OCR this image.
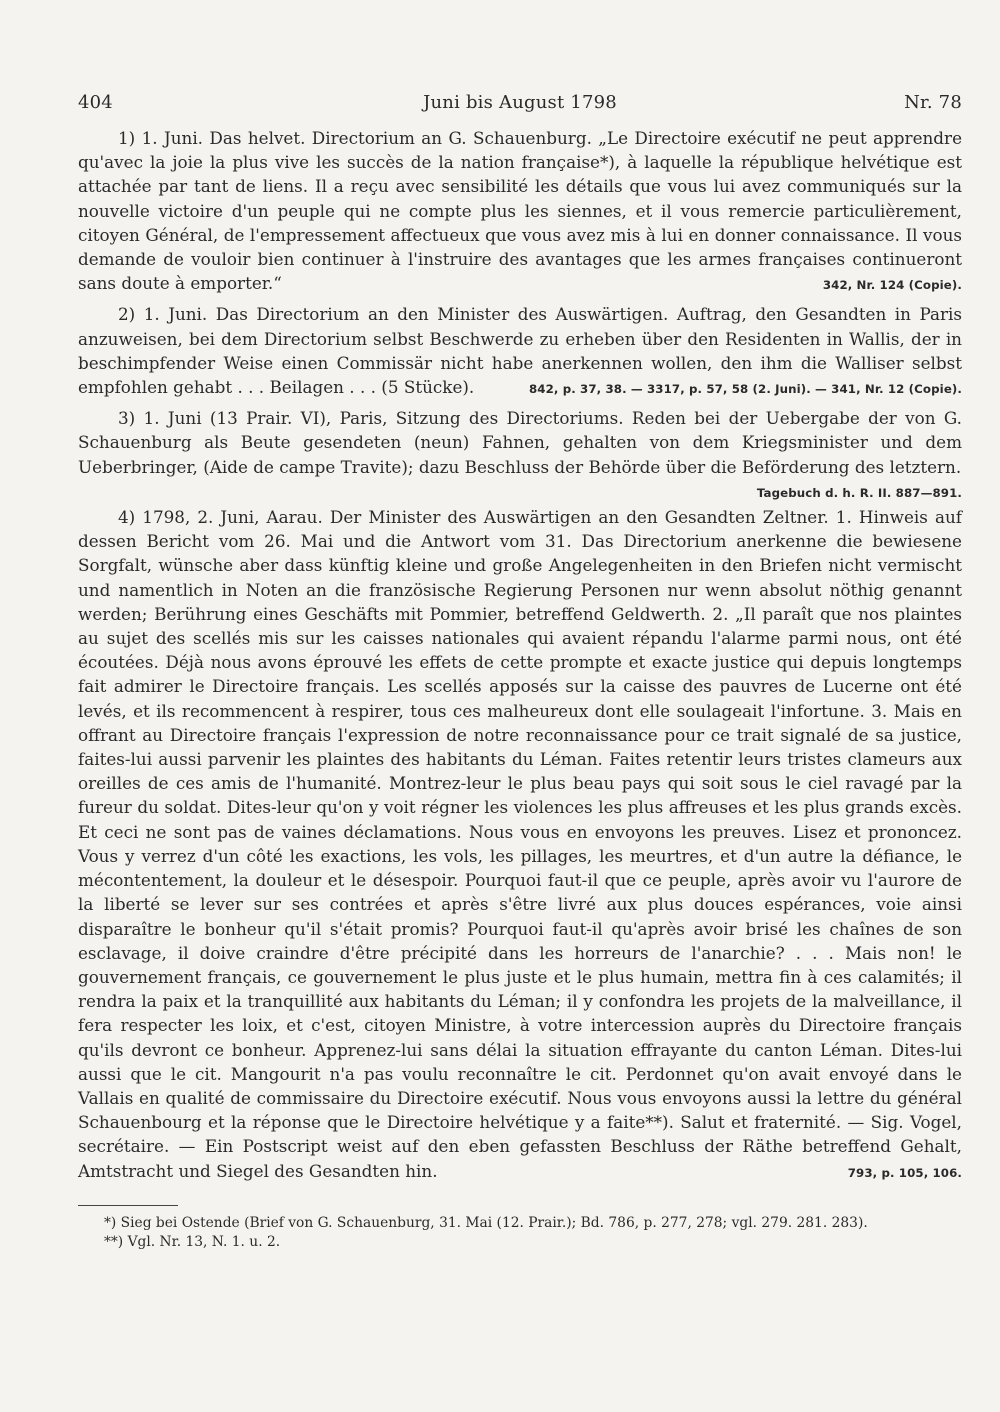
404	Juni bis August 1798	Nr. 78

1) 1. Juni. Das helvet. Directorium an G. Schauenburg. „Le Directoire exécutif ne peut apprendre qu'avec la joie la plus vive les succès de la nation française*), à laquelle la république helvétique est attachée par tant de liens. Il a reçu avec sensibilité les détails que vous lui avez communiqués sur la nouvelle victoire d'un peuple qui ne compte plus les siennes, et il vous remercie particulièrement, citoyen Général, de l'empressement affectueux que vous avez mis à lui en donner connaissance. Il vous demande de vouloir bien continuer à l'instruire des avantages que les armes françaises continueront sans doute à emporter.“	342, Nr. 124 (Copie).

2) 1. Juni. Das Directorium an den Minister des Auswärtigen. Auftrag, den Gesandten in Paris anzuweisen, bei dem Directorium selbst Beschwerde zu erheben über den Residenten in Wallis, der in beschimpfender Weise einen Commissär nicht habe anerkennen wollen, den ihm die Walliser selbst empfohlen gehabt . . . Beilagen . . . (5 Stücke).	842, p. 37, 38. — 3317, p. 57, 58 (2. Juni). — 341, Nr. 12 (Copie).

3) 1. Juni (13 Prair. VI), Paris, Sitzung des Directoriums. Reden bei der Uebergabe der von G. Schauenburg als Beute gesendeten (neun) Fahnen, gehalten von dem Kriegsminister und dem Ueberbringer, (Aide de campe Travite); dazu Beschluss der Behörde über die Beförderung des letztern.
Tagebuch d. h. R. II. 887—891.

4) 1798, 2. Juni, Aarau. Der Minister des Auswärtigen an den Gesandten Zeltner. 1. Hinweis auf dessen Bericht vom 26. Mai und die Antwort vom 31. Das Directorium anerkenne die bewiesene Sorgfalt, wünsche aber dass künftig kleine und große Angelegenheiten in den Briefen nicht vermischt und namentlich in Noten an die französische Regierung Personen nur wenn absolut nöthig genannt werden; Berührung eines Geschäfts mit Pommier, betreffend Geldwerth. 2. „Il paraît que nos plaintes au sujet des scellés mis sur les caisses nationales qui avaient répandu l'alarme parmi nous, ont été écoutées. Déjà nous avons éprouvé les effets de cette prompte et exacte justice qui depuis longtemps fait admirer le Directoire français. Les scellés apposés sur la caisse des pauvres de Lucerne ont été levés, et ils recommencent à respirer, tous ces malheureux dont elle soulageait l'infortune. 3. Mais en offrant au Directoire français l'expression de notre reconnaissance pour ce trait signalé de sa justice, faites-lui aussi parvenir les plaintes des habitants du Léman. Faites retentir leurs tristes clameurs aux oreilles de ces amis de l'humanité. Montrez-leur le plus beau pays qui soit sous le ciel ravagé par la fureur du soldat. Dites-leur qu'on y voit régner les violences les plus affreuses et les plus grands excès. Et ceci ne sont pas de vaines déclamations. Nous vous en envoyons les preuves. Lisez et prononcez. Vous y verrez d'un côté les exactions, les vols, les pillages, les meurtres, et d'un autre la défiance, le mécontentement, la douleur et le désespoir. Pourquoi faut-il que ce peuple, après avoir vu l'aurore de la liberté se lever sur ses contrées et après s'être livré aux plus douces espérances, voie ainsi disparaître le bonheur qu'il s'était promis? Pourquoi faut-il qu'après avoir brisé les chaînes de son esclavage, il doive craindre d'être précipité dans les horreurs de l'anarchie? . . . Mais non! le gouvernement français, ce gouvernement le plus juste et le plus humain, mettra fin à ces calamités; il rendra la paix et la tranquillité aux habitants du Léman; il y confondra les projets de la malveillance, il fera respecter les loix, et c'est, citoyen Ministre, à votre intercession auprès du Directoire français qu'ils devront ce bonheur. Apprenez-lui sans délai la situation effrayante du canton Léman. Dites-lui aussi que le cit. Mangourit n'a pas voulu reconnaître le cit. Perdonnet qu'on avait envoyé dans le Vallais en qualité de commissaire du Directoire exécutif. Nous vous envoyons aussi la lettre du général Schauenbourg et la réponse que le Directoire helvétique y a faite**). Salut et fraternité. — Sig. Vogel, secrétaire. — Ein Postscript weist auf den eben gefassten Beschluss der Räthe betreffend Gehalt, Amtstracht und Siegel des Gesandten hin.	793, p. 105, 106.

*) Sieg bei Ostende (Brief von G. Schauenburg, 31. Mai (12. Prair.); Bd. 786, p. 277, 278; vgl. 279. 281. 283).
**) Vgl. Nr. 13, N. 1. u. 2.
